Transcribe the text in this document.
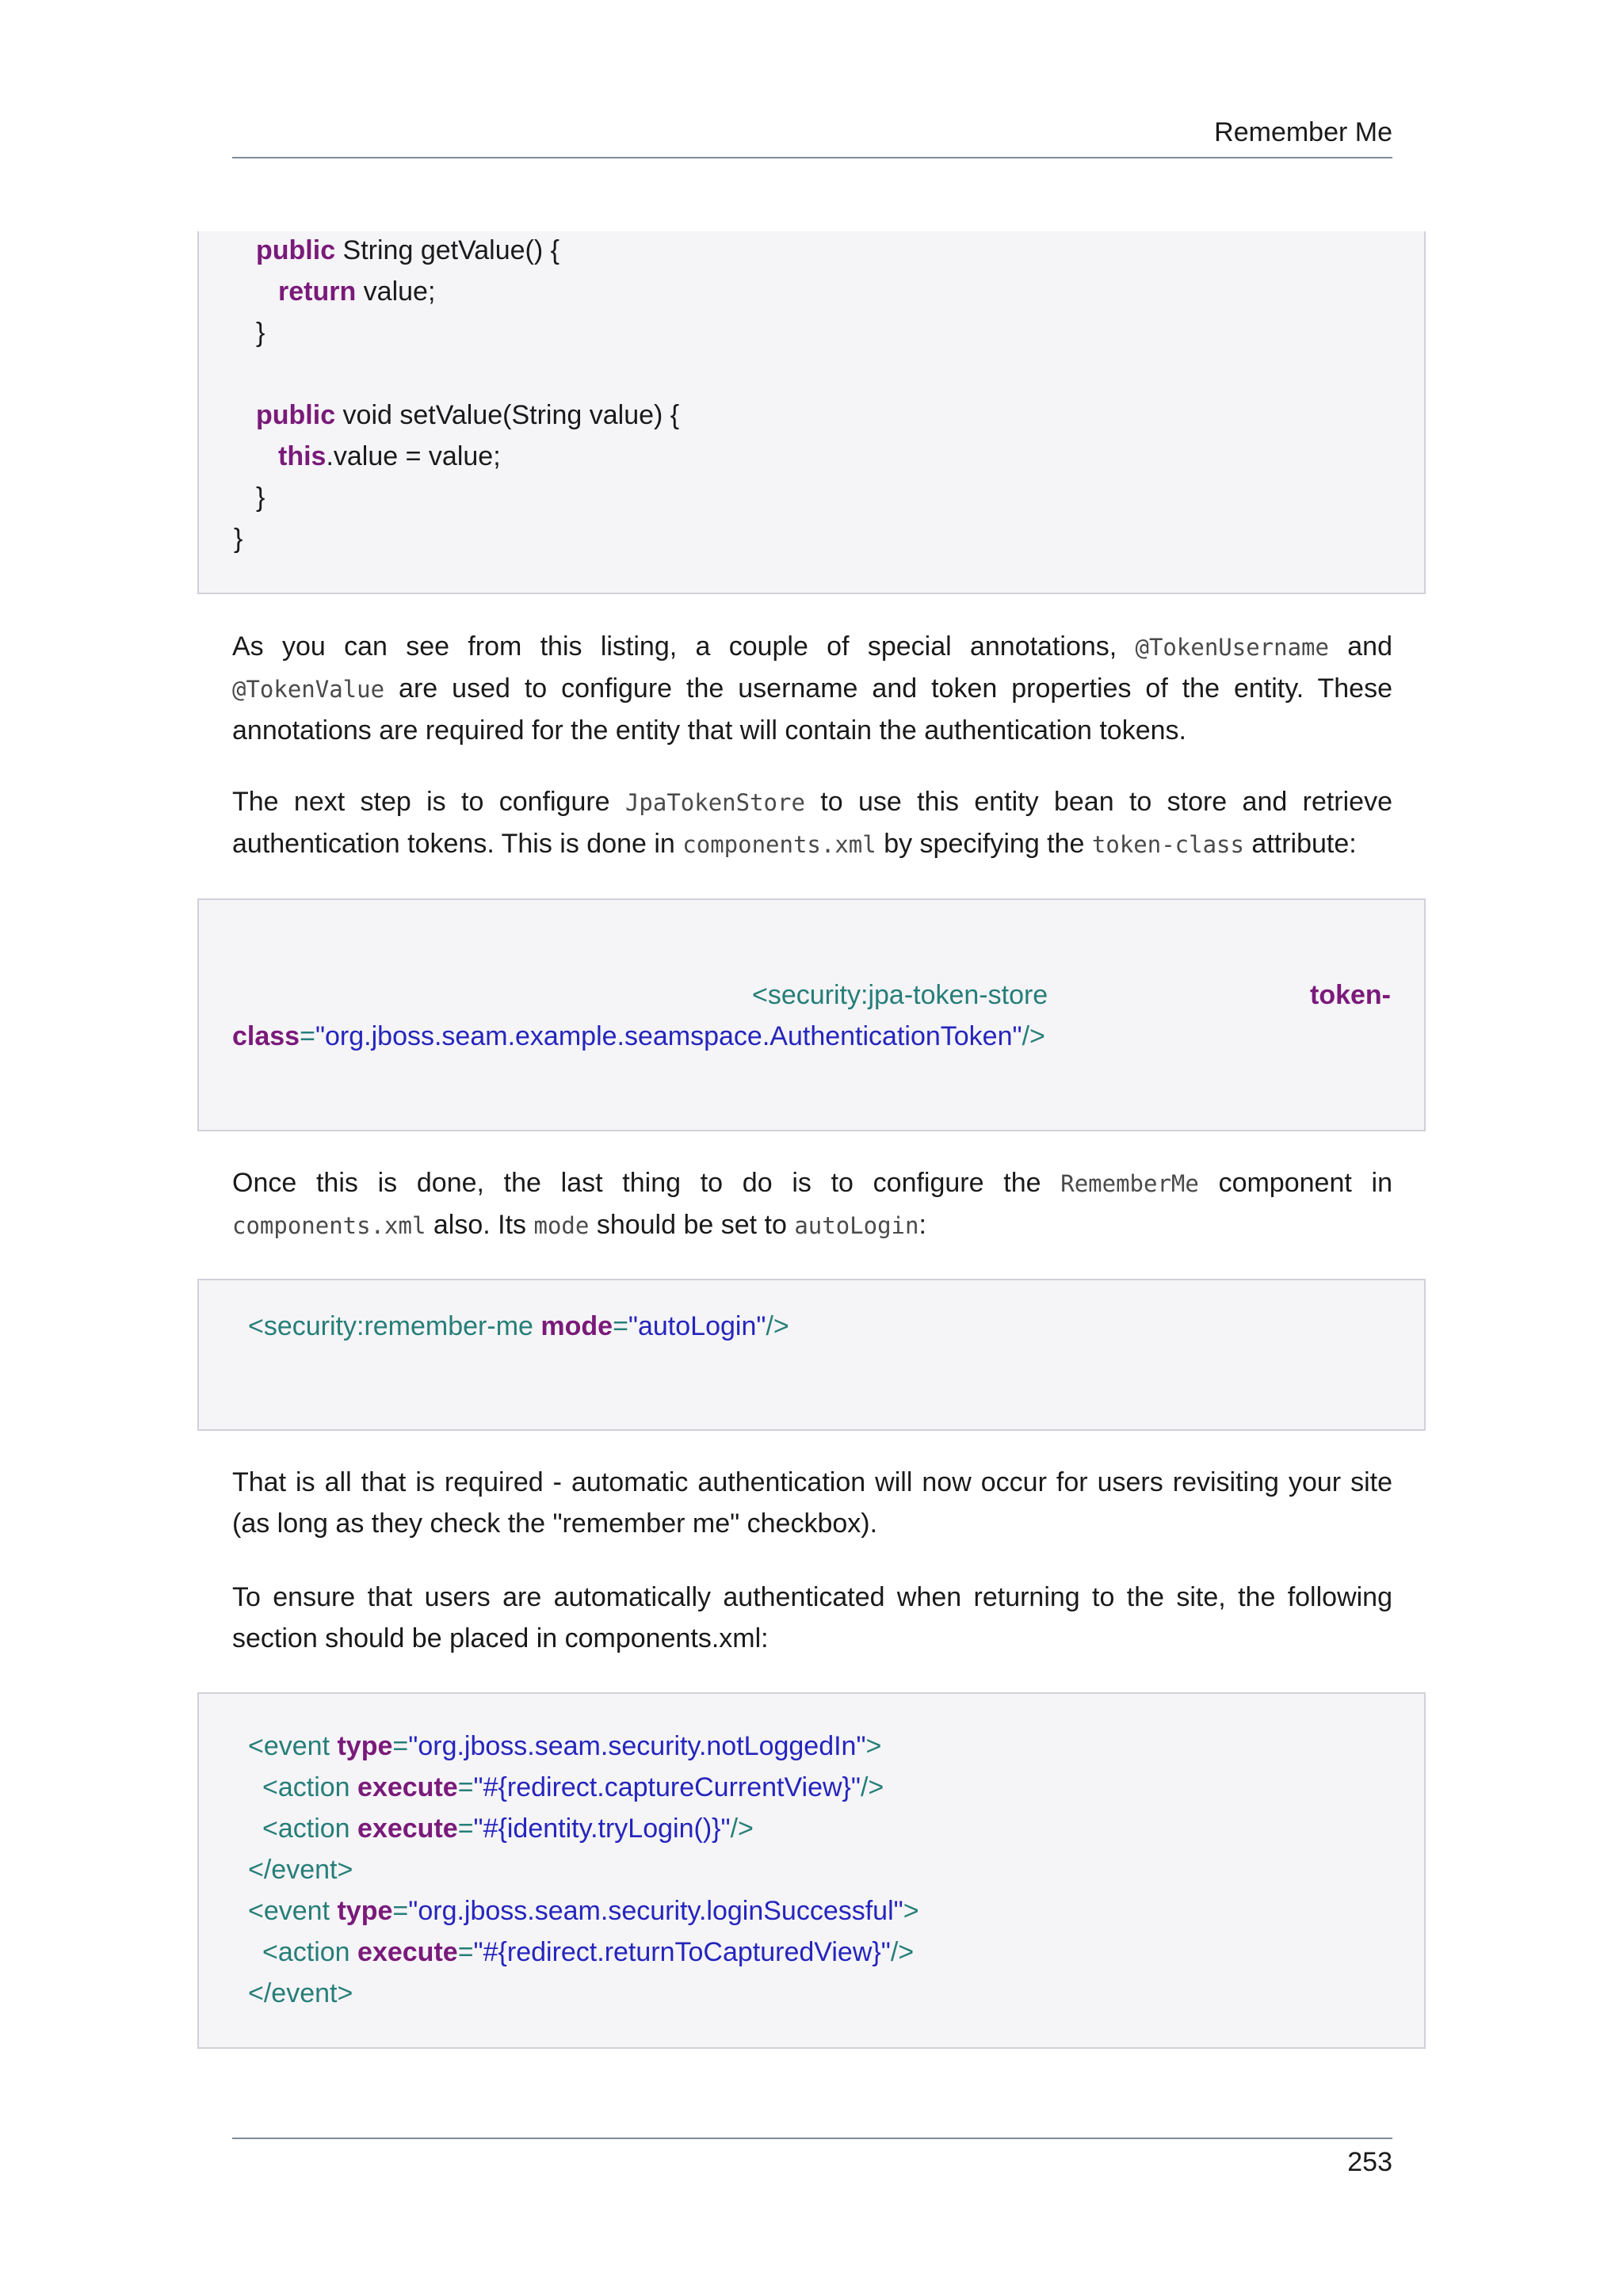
Remember Me
public String getValue() {
return value;
}
public void setValue(String value) {
this.value = value;
}
}
As you can see from this listing, a couple of special annotations, @TokenUsername and
@TokenValue are used to configure the username and token properties of the entity. These
annotations are required for the entity that will contain the authentication tokens.
The next step is to configure JpaTokenStore to use this entity bean to store and retrieve
authentication tokens. This is done in components.xml by specifying the token-class attribute:
<security:jpa-token-store	token-
class="org.jboss.seam.example.seamspace.AuthenticationToken"/>
Once this is done, the last thing to do is to configure the RememberMe component in
components.xml also. Its mode should be set to autoLogin:
<security:remember-me mode="autoLogin"/>
That is all that is required - automatic authentication will now occur for users revisiting your site
(as long as they check the "remember me" checkbox).
To ensure that users are automatically authenticated when returning to the site, the following
section should be placed in components.xml:
<event type="org.jboss.seam.security.notLoggedIn">
<action execute="#{redirect.captureCurrentView}"/>
<action execute="#{identity.tryLogin()}"/>
</event>
<event type="org.jboss.seam.security.loginSuccessful">
<action execute="#{redirect.returnToCapturedView}"/>
</event>
253
